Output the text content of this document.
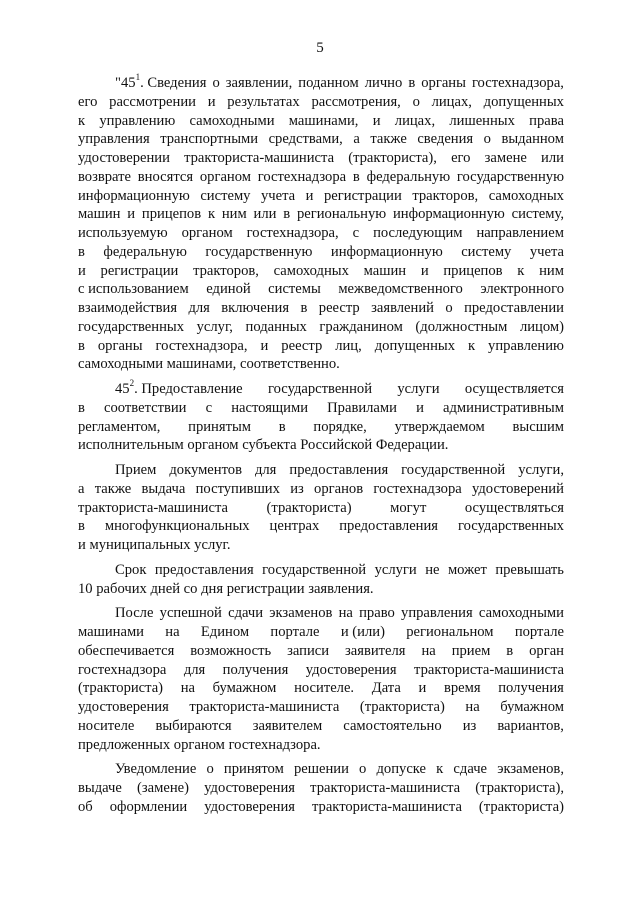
5
"$45^1$. Сведения о заявлении, поданном лично в органы гостехнадзора,
его рассмотрении и результатах рассмотрения, о лицах, допущенных
к управлению самоходными машинами, и лицах, лишенных права
управления транспортными средствами, а также сведения о выданном
удостоверении тракториста-машиниста (тракториста), его замене или
возврате вносятся органом гостехнадзора в федеральную государственную
информационную систему учета и регистрации тракторов, самоходных
машин и прицепов к ним или в региональную информационную систему,
используемую органом гостехнадзора, с последующим направлением
в федеральную государственную информационную систему учета
и регистрации тракторов, самоходных машин и прицепов к ним
с использованием единой системы межведомственного электронного
взаимодействия для включения в реестр заявлений о предоставлении
государственных услуг, поданных гражданином (должностным лицом)
в органы гостехнадзора, и реестр лиц, допущенных к управлению
самоходными машинами, соответственно.
$45^2$. Предоставление государственной услуги осуществляется
в соответствии с настоящими Правилами и административным
регламентом, принятым в порядке, утверждаемом высшим
исполнительным органом субъекта Российской Федерации.
Прием документов для предоставления государственной услуги,
а также выдача поступивших из органов гостехнадзора удостоверений
тракториста-машиниста	(тракториста)	могут	осуществляться
в многофункциональных центрах предоставления государственных
и муниципальных услуг.
Срок предоставления государственной услуги не может превышать
10 рабочих дней со дня регистрации заявления.
После успешной сдачи экзаменов на право управления самоходными
машинами на Едином портале и (или) региональном портале
обеспечивается возможность записи заявителя на прием в орган
гостехнадзора для получения удостоверения тракториста-машиниста
(тракториста) на бумажном носителе. Дата и время получения
удостоверения тракториста-машиниста (тракториста) на бумажном
носителе выбираются заявителем самостоятельно из вариантов,
предложенных органом гостехнадзора.
Уведомление о принятом решении о допуске к сдаче экзаменов,
выдаче (замене) удостоверения тракториста-машиниста (тракториста),
об оформлении удостоверения тракториста-машиниста (тракториста)
